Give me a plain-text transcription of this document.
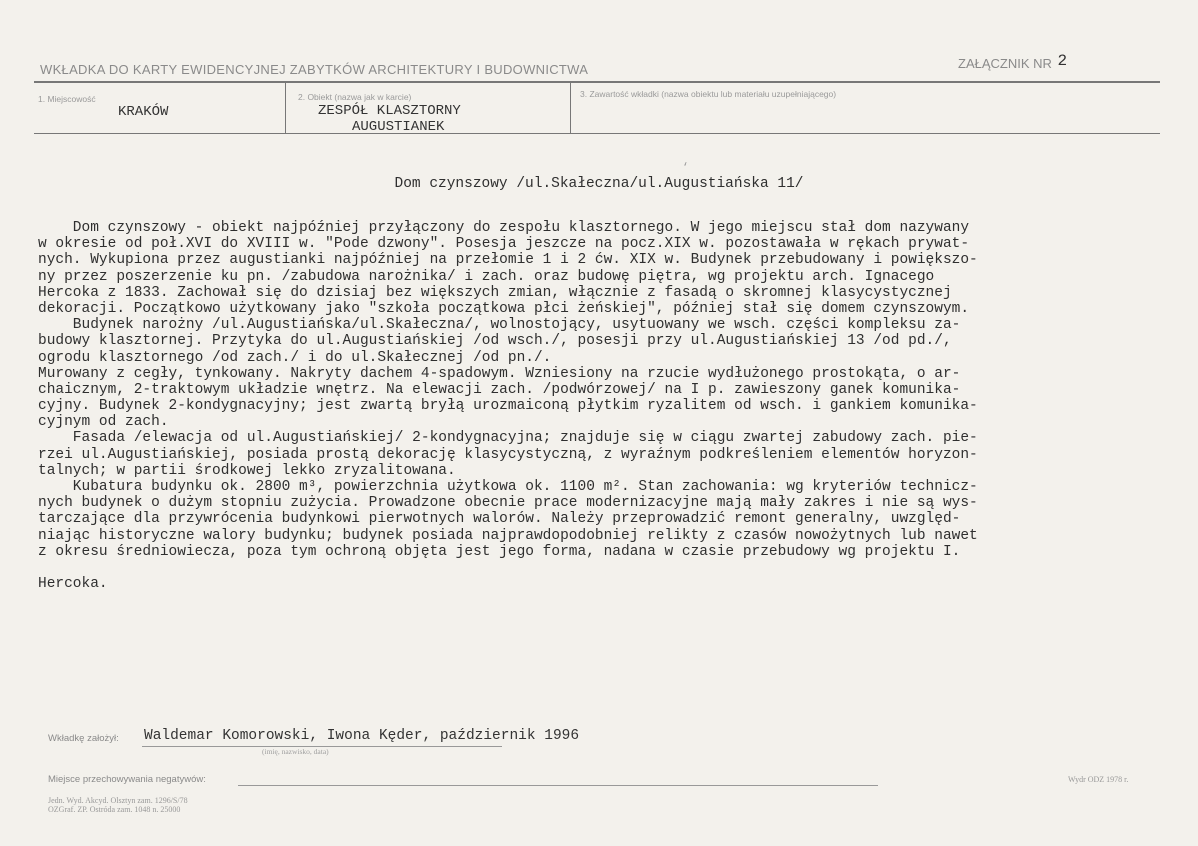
WKŁADKA DO KARTY EWIDENCYJNEJ ZABYTKÓW ARCHITEKTURY I BUDOWNICTWA	ZAŁĄCZNIK NR 2
1. Miejscowość
KRAKÓW
2. Obiekt (nazwa jak w karcie)
ZESPÓŁ KLASZTORNY
AUGUSTIANEK
3. Zawartość wkładki (nazwa obiektu lub materiału uzupełniającego)
‘
Dom czynszowy /ul.Skałeczna/ul.Augustiańska 11/
Dom czynszowy - obiekt najpóźniej przyłączony do zespołu klasztornego. W jego miejscu stał dom nazywany
w okresie od poł.XVI do XVIII w. "Pode dzwony". Posesja jeszcze na pocz.XIX w. pozostawała w rękach prywat-
nych. Wykupiona przez augustianki najpóźniej na przełomie 1 i 2 ćw. XIX w. Budynek przebudowany i powiększo-
ny przez poszerzenie ku pn. /zabudowa narożnika/ i zach. oraz budowę piętra, wg projektu arch. Ignacego
Hercoka z 1833. Zachował się do dzisiaj bez większych zmian, włącznie z fasadą o skromnej klasycystycznej
dekoracji. Początkowo użytkowany jako "szkoła początkowa płci żeńskiej", później stał się domem czynszowym.
Budynek narożny /ul.Augustiańska/ul.Skałeczna/, wolnostojący, usytuowany we wsch. części kompleksu za-
budowy klasztornej. Przytyka do ul.Augustiańskiej /od wsch./, posesji przy ul.Augustiańskiej 13 /od pd./,
ogrodu klasztornego /od zach./ i do ul.Skałecznej /od pn./.
Murowany z cegły, tynkowany. Nakryty dachem 4-spadowym. Wzniesiony na rzucie wydłużonego prostokąta, o ar-
chaicznym, 2-traktowym układzie wnętrz. Na elewacji zach. /podwórzowej/ na I p. zawieszony ganek komunika-
cyjny. Budynek 2-kondygnacyjny; jest zwartą bryłą urozmaiconą płytkim ryzalitem od wsch. i gankiem komunika-
cyjnym od zach.
Fasada /elewacja od ul.Augustiańskiej/ 2-kondygnacyjna; znajduje się w ciągu zwartej zabudowy zach. pie-
rzei ul.Augustiańskiej, posiada prostą dekorację klasycystyczną, z wyraźnym podkreśleniem elementów horyzon-
talnych; w partii środkowej lekko zryzalitowana.
Kubatura budynku ok. 2800 m³, powierzchnia użytkowa ok. 1100 m². Stan zachowania: wg kryteriów technicz-
nych budynek o dużym stopniu zużycia. Prowadzone obecnie prace modernizacyjne mają mały zakres i nie są wys-
tarczające dla przywrócenia budynkowi pierwotnych walorów. Należy przeprowadzić remont generalny, uwzględ-
niając historyczne walory budynku; budynek posiada najprawdopodobniej relikty z czasów nowożytnych lub nawet
z okresu średniowiecza, poza tym ochroną objęta jest jego forma, nadana w czasie przebudowy wg projektu I.
Hercoka.
Wkładkę założył: Waldemar Komorowski, Iwona Kęder, październik 1996
(imię, nazwisko, data)
Miejsce przechowywania negatywów:
Jedn. Wyd. Akcyd. Olsztyn zam. 1296/S/78
OZGraf. ZP. Ostróda zam. 1048 n. 25000
Wydr ODZ 1978 r.
